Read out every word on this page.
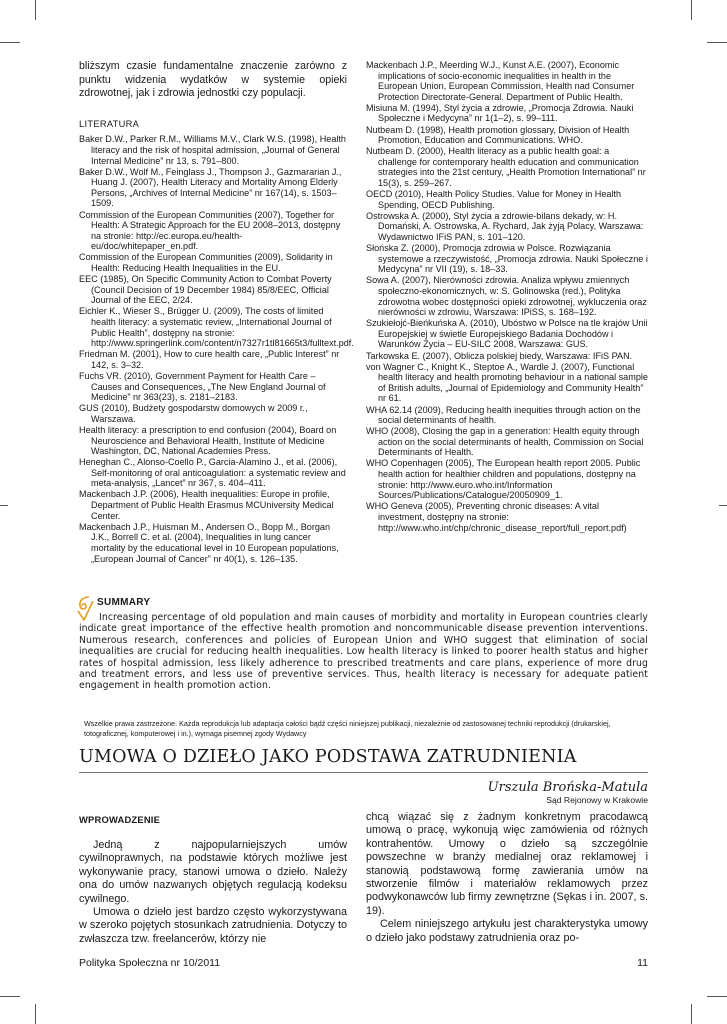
bliższym czasie fundamentalne znaczenie zarówno z punktu widzenia wydatków w systemie opieki zdrowotnej, jak i zdrowia jednostki czy populacji.

LITERATURA
Baker D.W., Parker R.M., Williams M.V., Clark W.S. (1998), Health literacy and the risk of hospital admission, „Journal of General Internal Medicine” nr 13, s. 791–800.
Baker D.W., Wolf M., Feinglass J., Thompson J., Gazmararian J., Huang J. (2007), Health Literacy and Mortality Among Elderly Persons, „Archives of Internal Medicine” nr 167(14), s. 1503–1509.
Commission of the European Communities (2007), Together for Health: A Strategic Approach for the EU 2008–2013, dostępny na stronie: http://ec.europa.eu/health-eu/doc/whitepaper_en.pdf.
Commission of the European Communities (2009), Solidarity in Health: Reducing Health Inequalities in the EU.
EEC (1985), On Specific Community Action to Combat Poverty (Council Decision of 19 December 1984) 85/8/EEC, Official Journal of the EEC, 2/24.
Eichler K., Wieser S., Brügger U. (2009), The costs of limited health literacy: a systematic review, „International Journal of Public Health”, dostępny na stronie: http://www.springerlink.com/content/n7327r1tl81665t3/fulltext.pdf.
Friedman M. (2001), How to cure health care, „Public Interest” nr 142, s. 3–32.
Fuchs VR. (2010), Government Payment for Health Care – Causes and Consequences, „The New England Journal of Medicine” nr 363(23), s. 2181–2183.
GUS (2010), Budżety gospodarstw domowych w 2009 r., Warszawa.
Health literacy: a prescription to end confusion (2004), Board on Neuroscience and Behavioral Health, Institute of Medicine Washington, DC, National Academies Press.
Heneghan C., Alonso-Coello P., Garcia-Alamino J., et al. (2006), Self-monitoring of oral anticoagulation: a systematic review and meta-analysis, „Lancet” nr 367, s. 404–411.
Mackenbach J.P. (2006), Health inequalities: Europe in profile, Department of Public Health Erasmus MCUniversity Medical Center.
Mackenbach J.P., Huisman M., Andersen O., Bopp M., Borgan J.K., Borrell C. et al. (2004), Inequalities in lung cancer mortality by the educational level in 10 European populations, „European Journal of Cancer” nr 40(1), s. 126–135.
Mackenbach J.P., Meerding W.J., Kunst A.E. (2007), Economic implications of socio-economic inequalities in health in the European Union, European Commission, Health nad Consumer Protection Directorate-General. Department of Public Health.
Misiuna M. (1994), Styl życia a zdrowie, „Promocja Zdrowia. Nauki Społeczne i Medycyna” nr 1(1–2), s. 99–111.
Nutbeam D. (1998), Health promotion glossary, Division of Health Promotion, Education and Communications. WHO.
Nutbeam D. (2000), Health literacy as a public health goal: a challenge for contemporary health education and communication strategies into the 21st century, „Health Promotion International” nr 15(3), s. 259–267.
OECD (2010), Health Policy Studies. Value for Money in Health Spending, OECD Publishing.
Ostrowska A. (2000), Styl życia a zdrowie-bilans dekady, w: H. Domański, A. Ostrowska, A. Rychard, Jak żyją Polacy, Warszawa: Wydawnictwo IFiS PAN, s. 101–120.
Słońska Z. (2000), Promocja zdrowia w Polsce. Rozwiązania systemowe a rzeczywistość, „Promocja zdrowia. Nauki Społeczne i Medycyna” nr VII (19), s. 18–33.
Sowa A. (2007), Nierówności zdrowia. Analiza wpływu zmiennych społeczno-ekonomicznych, w: S. Golinowska (red.), Polityka zdrowotna wobec dostępności opieki zdrowotnej, wykluczenia oraz nierówności w zdrowiu, Warszawa: IPiSS, s. 168–192.
Szukiełojć-Bieńkuńska A. (2010), Ubóstwo w Polsce na tle krajów Unii Europejskiej w świetle Europejskiego Badania Dochodów i Warunków Życia – EU-SILC 2008, Warszawa: GUS.
Tarkowska E. (2007), Oblicza polskiej biedy, Warszawa: IFiS PAN.
von Wagner C., Knight K., Steptoe A., Wardle J. (2007), Functional health literacy and health promoting behaviour in a national sample of British adults, „Journal of Epidemiology and Community Health” nr 61.
WHA 62.14 (2009), Reducing health inequities through action on the social determinants of health.
WHO (2008), Closing the gap in a generation: Health equity through action on the social determinants of health, Commission on Social Determinants of Health.
WHO Copenhagen (2005), The European health report 2005. Public health action for healthier children and populations, dostępny na stronie: http://www.euro.who.int/Information Sources/Publications/Catalogue/20050909_1.
WHO Geneva (2005), Preventing chronic diseases: A vital investment, dostępny na stronie: http://www.who.int/chp/chronic_disease_report/full_report.pdf)
SUMMARY
Increasing percentage of old population and main causes of morbidity and mortality in European countries clearly indicate great importance of the effective health promotion and noncommunicable disease prevention interventions. Numerous research, conferences and policies of European Union and WHO suggest that elimination of social inequalities are crucial for reducing health inequalities. Low health literacy is linked to poorer health status and higher rates of hospital admission, less likely adherence to prescribed treatments and care plans, experience of more drug and treatment errors, and less use of preventive services. Thus, health literacy is necessary for adequate patient engagement in health promotion action.
Wszelkie prawa zastrzeżone. Każda reprodukcja lub adaptacja całości bądź części niniejszej publikacji, niezależnie od zastosowanej techniki reprodukcji (drukarskiej, totograficznej, komputerowej i in.), wymaga pisemnej zgody Wydawcy
UMOWA O DZIEŁO JAKO PODSTAWA ZATRUDNIENIA
Urszula Brońska-Matula
Sąd Rejonowy w Krakowie
WPROWADZENIE

Jedną z najpopularniejszych umów cywilnoprawnych, na podstawie których możliwe jest wykonywanie pracy, stanowi umowa o dzieło. Należy ona do umów nazwanych objętych regulacją kodeksu cywilnego.

Umowa o dzieło jest bardzo często wykorzystywana w szeroko pojętych stosunkach zatrudnienia. Dotyczy to zwłaszcza tzw. freelancerów, którzy nie

chcą wiązać się z żadnym konkretnym pracodawcą umową o pracę, wykonują więc zamówienia od różnych kontrahentów. Umowy o dzieło są szczególnie powszechne w branży medialnej oraz reklamowej i stanowią podstawową formę zawierania umów na stworzenie filmów i materiałów reklamowych przez podwykonawców lub firmy zewnętrzne (Sękas i in. 2007, s. 19).

Celem niniejszego artykułu jest charakterystyka umowy o dzieło jako podstawy zatrudnienia oraz po-

Polityka Społeczna nr 10/2011	11
